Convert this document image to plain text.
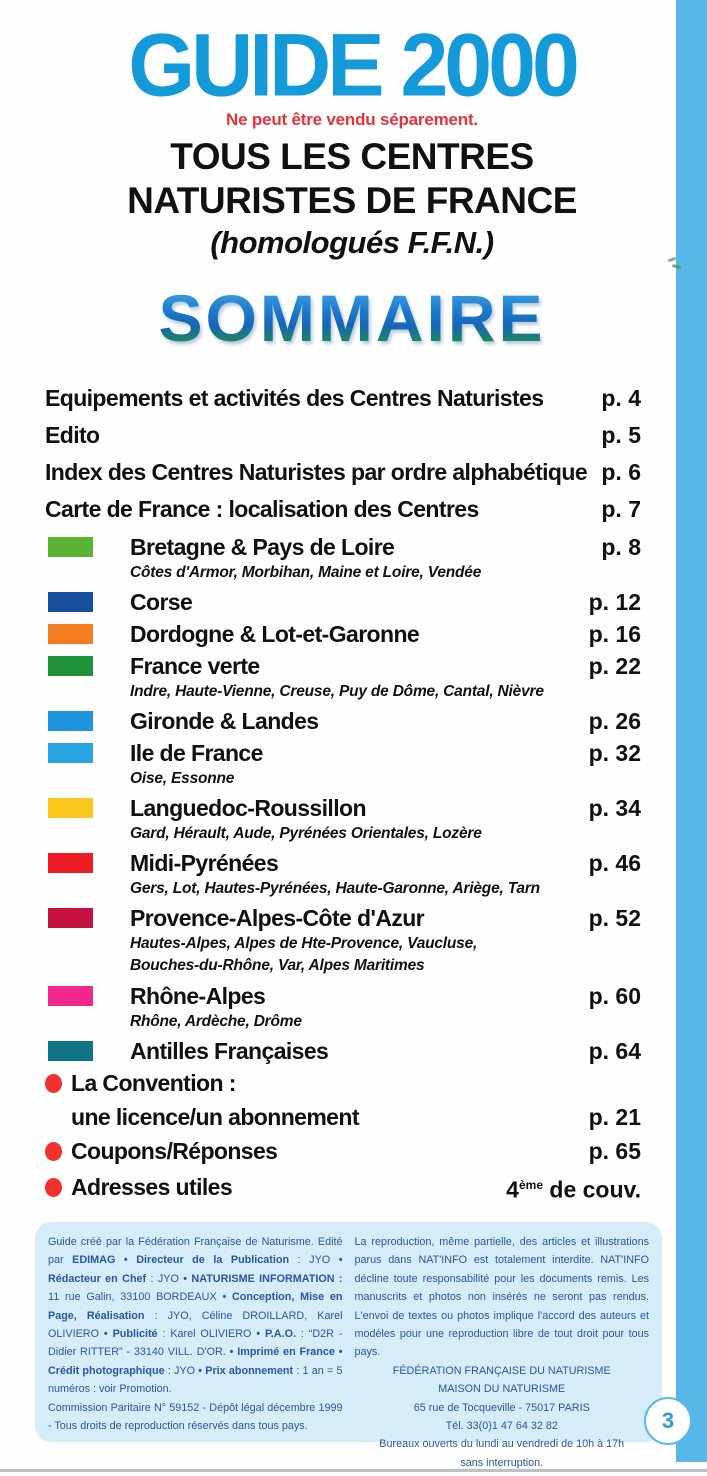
GUIDE 2000
Ne peut être vendu séparement.
TOUS LES CENTRES
NATURISTES DE FRANCE
(homologués F.F.N.)
SOMMAIRE
Equipements et activités des Centres Naturistes	p. 4
Edito	p. 5
Index des Centres Naturistes par ordre alphabétique p. 6
Carte de France : localisation des Centres	p. 7
Bretagne & Pays de Loire	p. 8
Côtes d'Armor, Morbihan, Maine et Loire, Vendée
Corse	p. 12
Dordogne & Lot-et-Garonne	p. 16
France verte	p. 22
Indre, Haute-Vienne, Creuse, Puy de Dôme, Cantal, Nièvre
Gironde & Landes	p. 26
Ile de France	p. 32
Oise, Essonne
Languedoc-Roussillon	p. 34
Gard, Hérault, Aude, Pyrénées Orientales, Lozère
Midi-Pyrénées	p. 46
Gers, Lot, Hautes-Pyrénées, Haute-Garonne, Ariège, Tarn
Provence-Alpes-Côte d'Azur	p. 52
Hautes-Alpes, Alpes de Hte-Provence, Vaucluse,
Bouches-du-Rhône, Var, Alpes Maritimes
Rhône-Alpes	p. 60
Rhône, Ardèche, Drôme
Antilles Françaises	p. 64
La Convention :
une licence/un abonnement	p. 21
Coupons/Réponses	p. 65
Adresses utiles	4ème de couv.

Guide créé par la Fédération Française de Naturisme. Edité par EDIMAG • Directeur de la Publication : JYO • Rédacteur en Chef : JYO • NATURISME INFORMATION : 11 rue Galin, 33100 BORDEAUX • Conception, Mise en Page, Réalisation : JYO, Céline DROILLARD, Karel OLIVIERO • Publicité : Karel OLIVIERO • P.A.O. : “D2R - Didier RITTER” - 33140 VILL. D'OR. • Imprimé en France • Crédit photographique : JYO • Prix abonnement : 1 an = 5 numéros : voir Promotion.

Commission Paritaire N° 59152 - Dépôt légal décembre 1999 - Tous droits de reproduction réservés dans tous pays.

La reproduction, même partielle, des articles et illustrations parus dans NAT'INFO est totalement interdite. NAT'INFO décline toute responsabilité pour les documents remis. Les manuscrits et photos non insérés ne seront pas rendus. L'envoi de textes ou photos implique l'accord des auteurs et modèles pour une reproduction libre de tout droit pour tous pays.

FÉDÉRATION FRANÇAISE DU NATURISME
MAISON DU NATURISME
65 rue de Tocqueville - 75017 PARIS
Tél. 33(0)1 47 64 32 82
Bureaux ouverts du lundi au vendredi de 10h à 17h
sans interruption.
3
